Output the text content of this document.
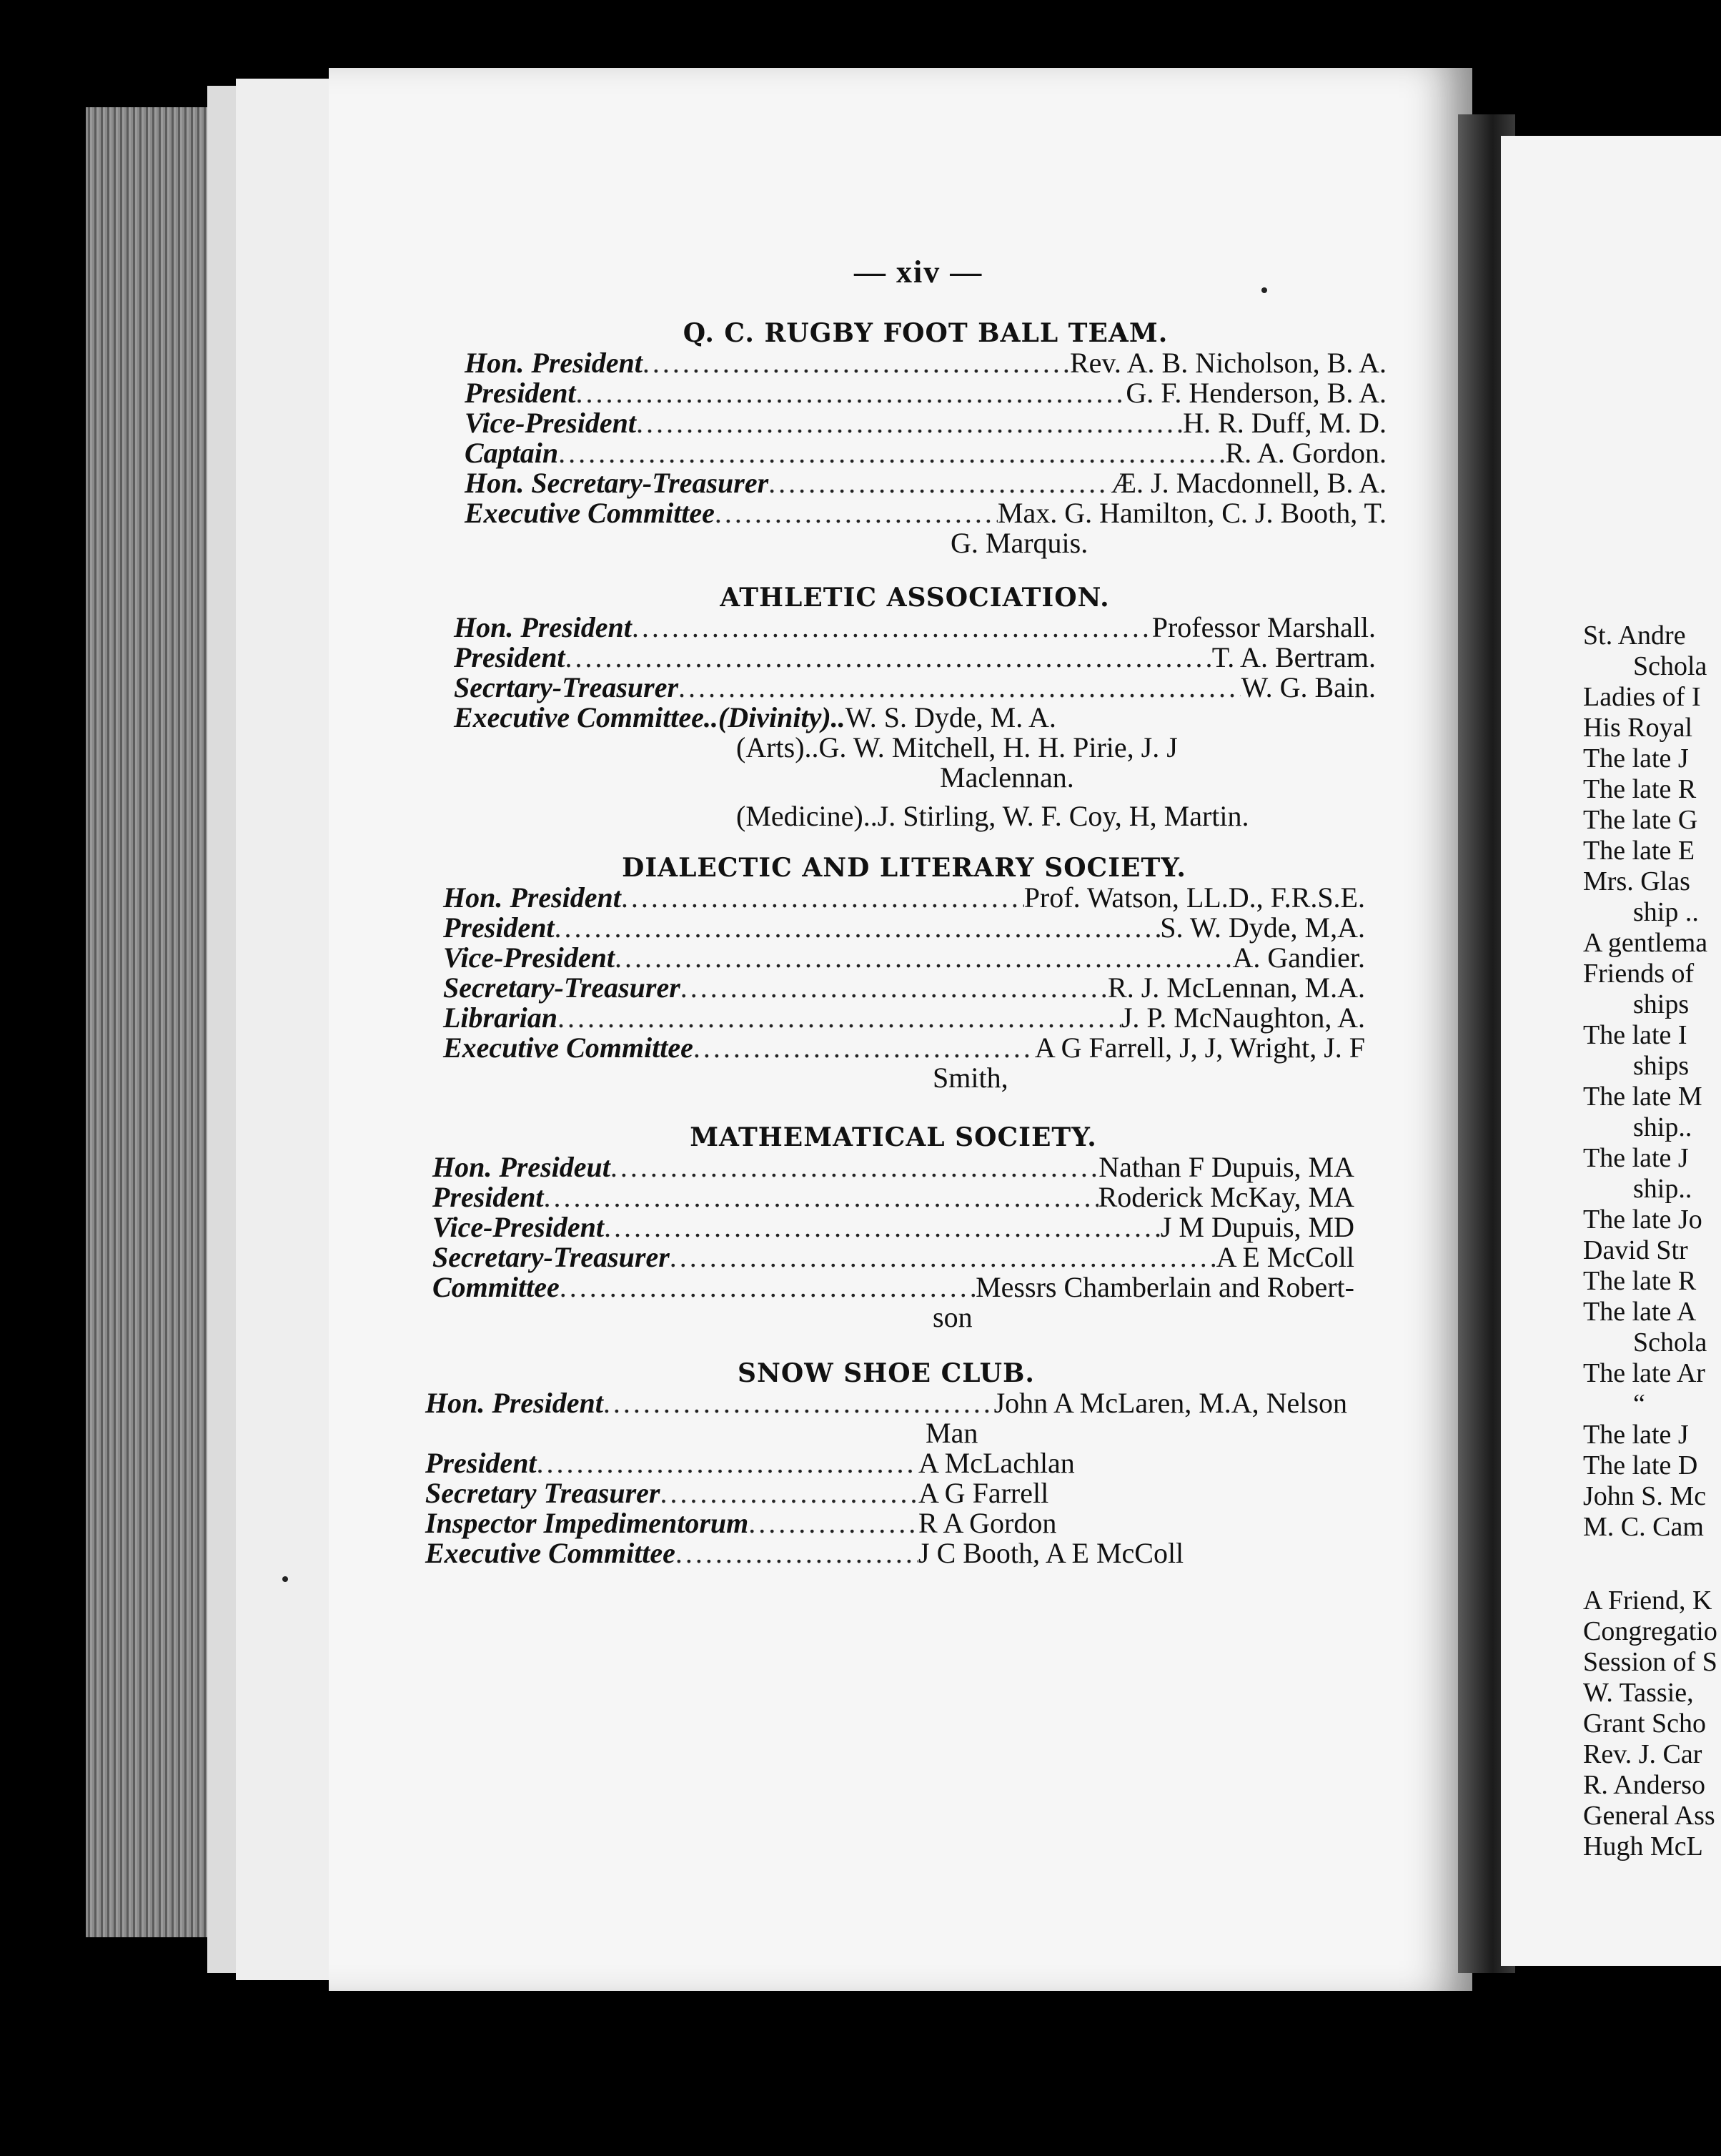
— xiv —
Q. C. RUGBY FOOT BALL TEAM.
Hon. President .....	Rev. A. B. Nicholson, B. A.
President .....	G. F. Henderson, B. A.
Vice-President .....	H. R. Duff, M. D.
Captain .....	R. A. Gordon.
Hon. Secretary-Treasurer .....	Æ. J. Macdonnell, B. A.
Executive Committee .....	Max. G. Hamilton, C. J. Booth, T.
G. Marquis.
ATHLETIC ASSOCIATION.
Hon. President .....	Professor Marshall.
President .....	T. A. Bertram.
Secrtary-Treasurer .....	W. G. Bain.
Executive Committee..(Divinity).. W. S. Dyde, M. A.
(Arts).. G. W. Mitchell, H. H. Pirie, J. J
Maclennan.
(Medicine).. J. Stirling, W. F. Coy, H, Martin.
DIALECTIC AND LITERARY SOCIETY.
Hon. President .....	Prof. Watson, LL.D., F.R.S.E.
President .....	S. W. Dyde, M,A.
Vice-President .....	A. Gandier.
Secretary-Treasurer .....	R. J. McLennan, M.A.
Librarian .....	J. P. McNaughton, A.
Executive Committee .....	A G Farrell, J, J, Wright, J. F
Smith,
MATHEMATICAL SOCIETY.
Hon. Presideut .....	Nathan F Dupuis, MA
President .....	Roderick McKay, MA
Vice-President .....	J M Dupuis, MD
Secretary-Treasurer .....	A E McColl
Committee .....	Messrs Chamberlain and Robert-
son
SNOW SHOE CLUB.
Hon. President .....	John A McLaren, M.A, Nelson
Man
President .....	A McLachlan
Secretary Treasurer .....	A G Farrell
Inspector Impedimentorum .....	R A Gordon
Executive Committee .....	J C Booth, A E McColl
St. Andre
Schola
Ladies of I
His Royal
The late J
The late R
The late G
The late E
Mrs. Glas
ship ..
A gentlema
Friends of
ships
The late I
ships
The late M
ship..
The late J
ship..
The late Jo
David Str
The late R
The late A
Schola
The late Ar
“
The late J
The late D
John S. Mc
M. C. Cam
A Friend, K
Congregatio
Session of S
W. Tassie,
Grant Scho
Rev. J. Car
R. Anderso
General Ass
Hugh McL
